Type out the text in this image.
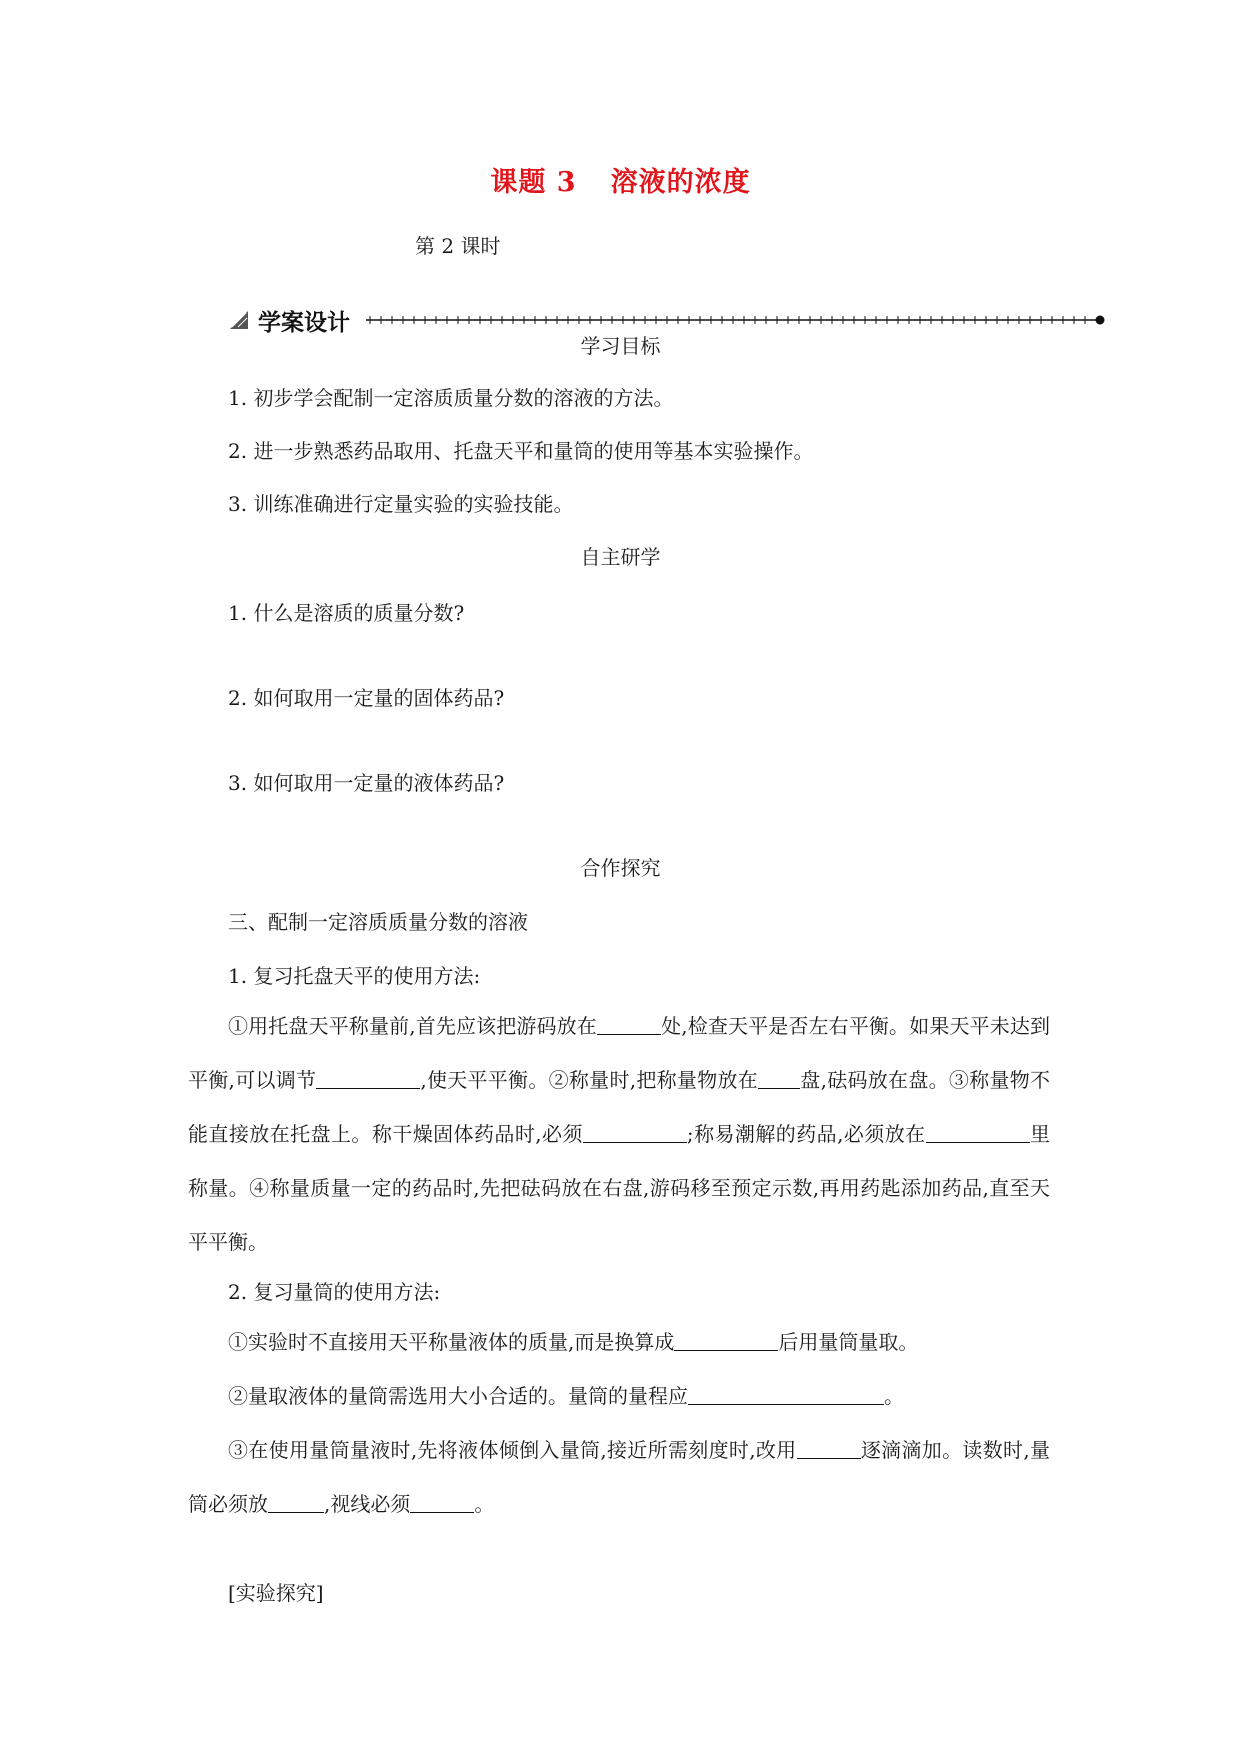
课题 3 溶液的浓度
第 2 课时
学案设计
学习目标
1. 初步学会配制一定溶质质量分数的溶液的方法。
2. 进一步熟悉药品取用、托盘天平和量筒的使用等基本实验操作。
3. 训练准确进行定量实验的实验技能。
自主研学
1. 什么是溶质的质量分数?
2. 如何取用一定量的固体药品?
3. 如何取用一定量的液体药品?
合作探究
三、配制一定溶质质量分数的溶液
1. 复习托盘天平的使用方法:
①用托盘天平称量前,首先应该把游码放在	处,检查天平是否左右平衡。如果天平未达到平衡,可以调节	,使天平平衡。②称量时,把称量物放在 盘,砝码放在盘。③称量物不能直接放在托盘上。称干燥固体药品时,必须	;称易潮解的药品,必须放在	里称量。④称量质量一定的药品时,先把砝码放在右盘,游码移至预定示数,再用药匙添加药品,直至天平平衡。
2. 复习量筒的使用方法:
①实验时不直接用天平称量液体的质量,而是换算成	后用量筒量取。
②量取液体的量筒需选用大小合适的。量筒的量程应	。
③在使用量筒量液时,先将液体倾倒入量筒,接近所需刻度时,改用	逐滴滴加。读数时,量筒必须放	,视线必须	。
[实验探究]
